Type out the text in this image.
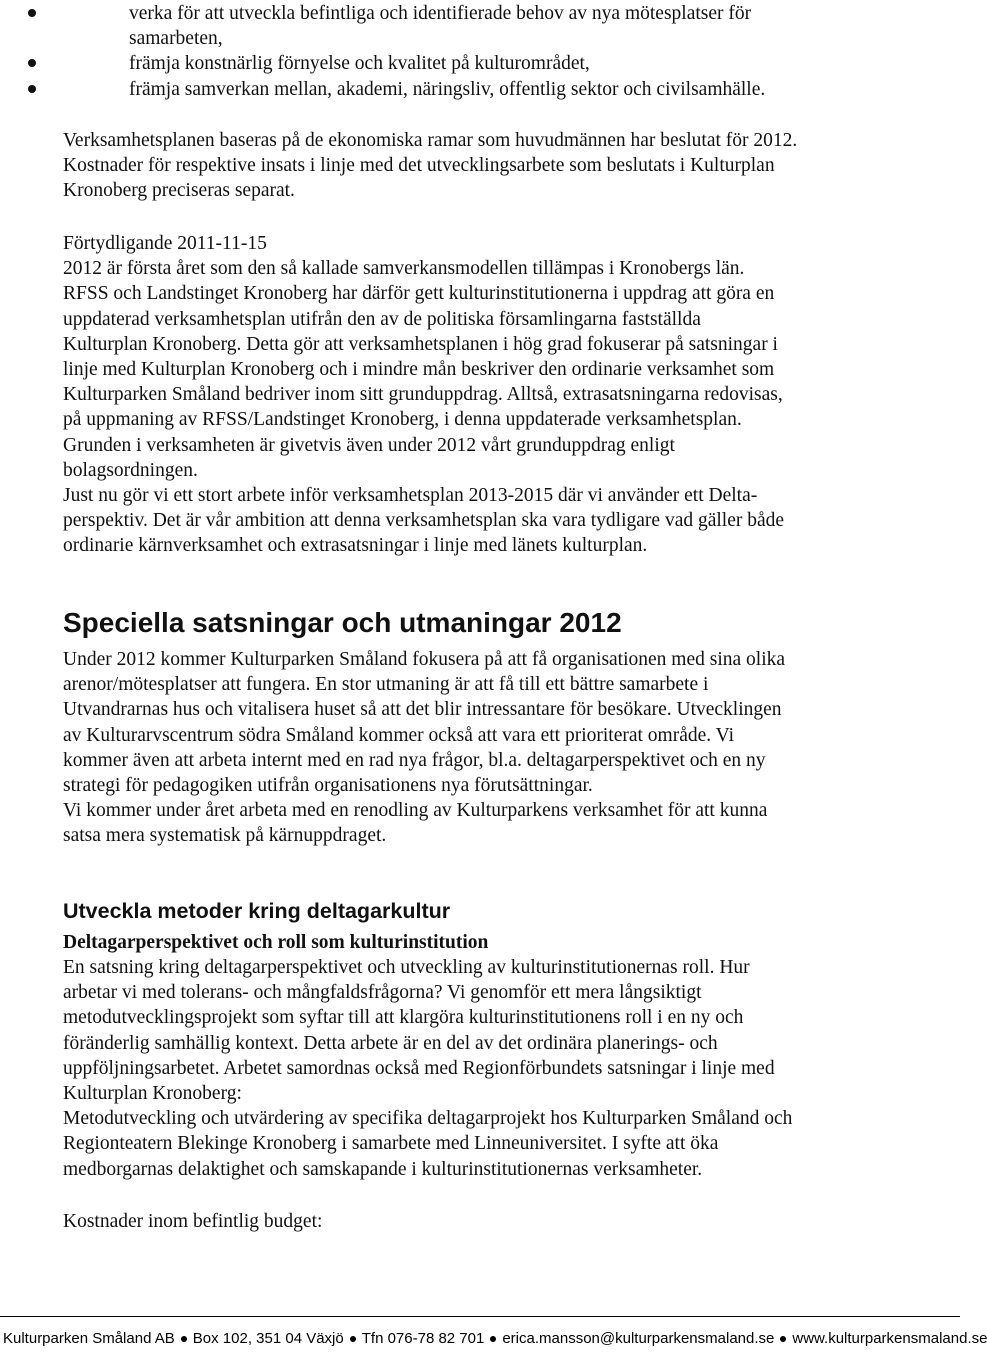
verka för att utveckla befintliga och identifierade behov av nya mötesplatser för
samarbeten,
främja konstnärlig förnyelse och kvalitet på kulturområdet,
främja samverkan mellan, akademi, näringsliv, offentlig sektor och civilsamhälle.

Verksamhetsplanen baseras på de ekonomiska ramar som huvudmännen har beslutat för 2012.
Kostnader för respektive insats i linje med det utvecklingsarbete som beslutats i Kulturplan
Kronoberg preciseras separat.

Förtydligande 2011-11-15
2012 är första året som den så kallade samverkansmodellen tillämpas i Kronobergs län.
RFSS och Landstinget Kronoberg har därför gett kulturinstitutionerna i uppdrag att göra en
uppdaterad verksamhetsplan utifrån den av de politiska församlingarna fastställda
Kulturplan Kronoberg. Detta gör att verksamhetsplanen i hög grad fokuserar på satsningar i
linje med Kulturplan Kronoberg och i mindre mån beskriver den ordinarie verksamhet som
Kulturparken Småland bedriver inom sitt grunduppdrag. Alltså, extrasatsningarna redovisas,
på uppmaning av RFSS/Landstinget Kronoberg, i denna uppdaterade verksamhetsplan.
Grunden i verksamheten är givetvis även under 2012 vårt grunduppdrag enligt
bolagsordningen.
Just nu gör vi ett stort arbete inför verksamhetsplan 2013-2015 där vi använder ett Delta-
perspektiv. Det är vår ambition att denna verksamhetsplan ska vara tydligare vad gäller både
ordinarie kärnverksamhet och extrasatsningar i linje med länets kulturplan.

Speciella satsningar och utmaningar 2012

Under 2012 kommer Kulturparken Småland fokusera på att få organisationen med sina olika
arenor/mötesplatser att fungera. En stor utmaning är att få till ett bättre samarbete i
Utvandrarnas hus och vitalisera huset så att det blir intressantare för besökare. Utvecklingen
av Kulturarvscentrum södra Småland kommer också att vara ett prioriterat område. Vi
kommer även att arbeta internt med en rad nya frågor, bl.a. deltagarperspektivet och en ny
strategi för pedagogiken utifrån organisationens nya förutsättningar.
Vi kommer under året arbeta med en renodling av Kulturparkens verksamhet för att kunna
satsa mera systematisk på kärnuppdraget.

Utveckla metoder kring deltagarkultur
Deltagarperspektivet och roll som kulturinstitution

En satsning kring deltagarperspektivet och utveckling av kulturinstitutionernas roll. Hur
arbetar vi med tolerans- och mångfaldsfrågorna? Vi genomför ett mera långsiktigt
metodutvecklingsprojekt som syftar till att klargöra kulturinstitutionens roll i en ny och
föränderlig samhällig kontext. Detta arbete är en del av det ordinära planerings- och
uppföljningsarbetet. Arbetet samordnas också med Regionförbundets satsningar i linje med
Kulturplan Kronoberg:
Metodutveckling och utvärdering av specifika deltagarprojekt hos Kulturparken Småland och
Regionteatern Blekinge Kronoberg i samarbete med Linneuniversitet. I syfte att öka
medborgarnas delaktighet och samskapande i kulturinstitutionernas verksamheter.

Kostnader inom befintlig budget:

Kulturparken Småland AB Box 102, 351 04 Växjö Tfn 076-78 82 701 erica.mansson@kulturparkensmaland.se www.kulturparkensmaland.se
